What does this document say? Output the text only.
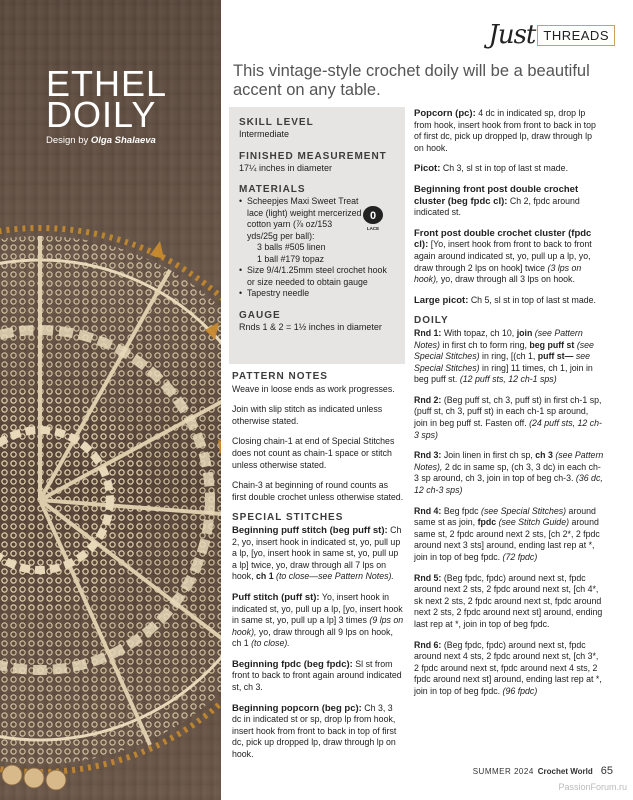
ETHEL
DOILY
Design by Olga Shalaeva
Just THREADS
This vintage-style crochet doily will be a beautiful accent on any table.
SKILL LEVEL
Intermediate
FINISHED MEASUREMENT
17¼ inches in diameter
MATERIALS
• Scheepjes Maxi Sweet Treat lace (light) weight mercerized cotton yarn (⅞ oz/153 yds/25g per ball):
3 balls #505 linen
1 ball #179 topaz
• Size 9/4/1.25mm steel crochet hook or size needed to obtain gauge
• Tapestry needle
GAUGE
Rnds 1 & 2 = 1½ inches in diameter
0
LACE
PATTERN NOTES
Weave in loose ends as work progresses.
Join with slip stitch as indicated unless otherwise stated.
Closing chain-1 at end of Special Stitches does not count as chain-1 space or stitch unless otherwise stated.
Chain-3 at beginning of round counts as first double crochet unless otherwise stated.
SPECIAL STITCHES
Beginning puff stitch (beg puff st): Ch 2, yo, insert hook in indicated st, yo, pull up a lp, [yo, insert hook in same st, yo, pull up a lp] twice, yo, draw through all 7 lps on hook, ch 1 (to close—see Pattern Notes).
Puff stitch (puff st): Yo, insert hook in indicated st, yo, pull up a lp, [yo, insert hook in same st, yo, pull up a lp] 3 times (9 lps on hook), yo, draw through all 9 lps on hook, ch 1 (to close).
Beginning fpdc (beg fpdc): Sl st from front to back to front again around indicated st, ch 3.
Beginning popcorn (beg pc): Ch 3, 3 dc in indicated st or sp, drop lp from hook, insert hook from front to back in top of first dc, pick up dropped lp, draw through lp on hook.
Popcorn (pc): 4 dc in indicated sp, drop lp from hook, insert hook from front to back in top of first dc, pick up dropped lp, draw through lp on hook.
Picot: Ch 3, sl st in top of last st made.
Beginning front post double crochet cluster (beg fpdc cl): Ch 2, fpdc around indicated st.
Front post double crochet cluster (fpdc cl): [Yo, insert hook from front to back to front again around indicated st, yo, pull up a lp, yo, draw through 2 lps on hook] twice (3 lps on hook), yo, draw through all 3 lps on hook.
Large picot: Ch 5, sl st in top of last st made.
DOILY
Rnd 1: With topaz, ch 10, join (see Pattern Notes) in first ch to form ring, beg puff st (see Special Stitches) in ring, [(ch 1, puff st— see Special Stitches) in ring] 11 times, ch 1, join in beg puff st. (12 puff sts, 12 ch-1 sps)
Rnd 2: (Beg puff st, ch 3, puff st) in first ch-1 sp, (puff st, ch 3, puff st) in each ch-1 sp around, join in beg puff st. Fasten off. (24 puff sts, 12 ch-3 sps)
Rnd 3: Join linen in first ch sp, ch 3 (see Pattern Notes), 2 dc in same sp, (ch 3, 3 dc) in each ch-3 sp around, ch 3, join in top of beg ch-3. (36 dc, 12 ch-3 sps)
Rnd 4: Beg fpdc (see Special Stitches) around same st as join, fpdc (see Stitch Guide) around same st, 2 fpdc around next 2 sts, [ch 2*, 2 fpdc around next 3 sts] around, ending last rep at *, join in top of beg fpdc. (72 fpdc)
Rnd 5: (Beg fpdc, fpdc) around next st, fpdc around next 2 sts, 2 fpdc around next st, [ch 4*, sk next 2 sts, 2 fpdc around next st, fpdc around next 2 sts, 2 fpdc around next st] around, ending last rep at *, join in top of beg fpdc.
Rnd 6: (Beg fpdc, fpdc) around next st, fpdc around next 4 sts, 2 fpdc around next st, [ch 3*, 2 fpdc around next st, fpdc around next 4 sts, 2 fpdc around next st] around, ending last rep at *, join in top of beg fpdc. (96 fpdc)
SUMMER 2024 Crochet World 65
PassionForum.ru
